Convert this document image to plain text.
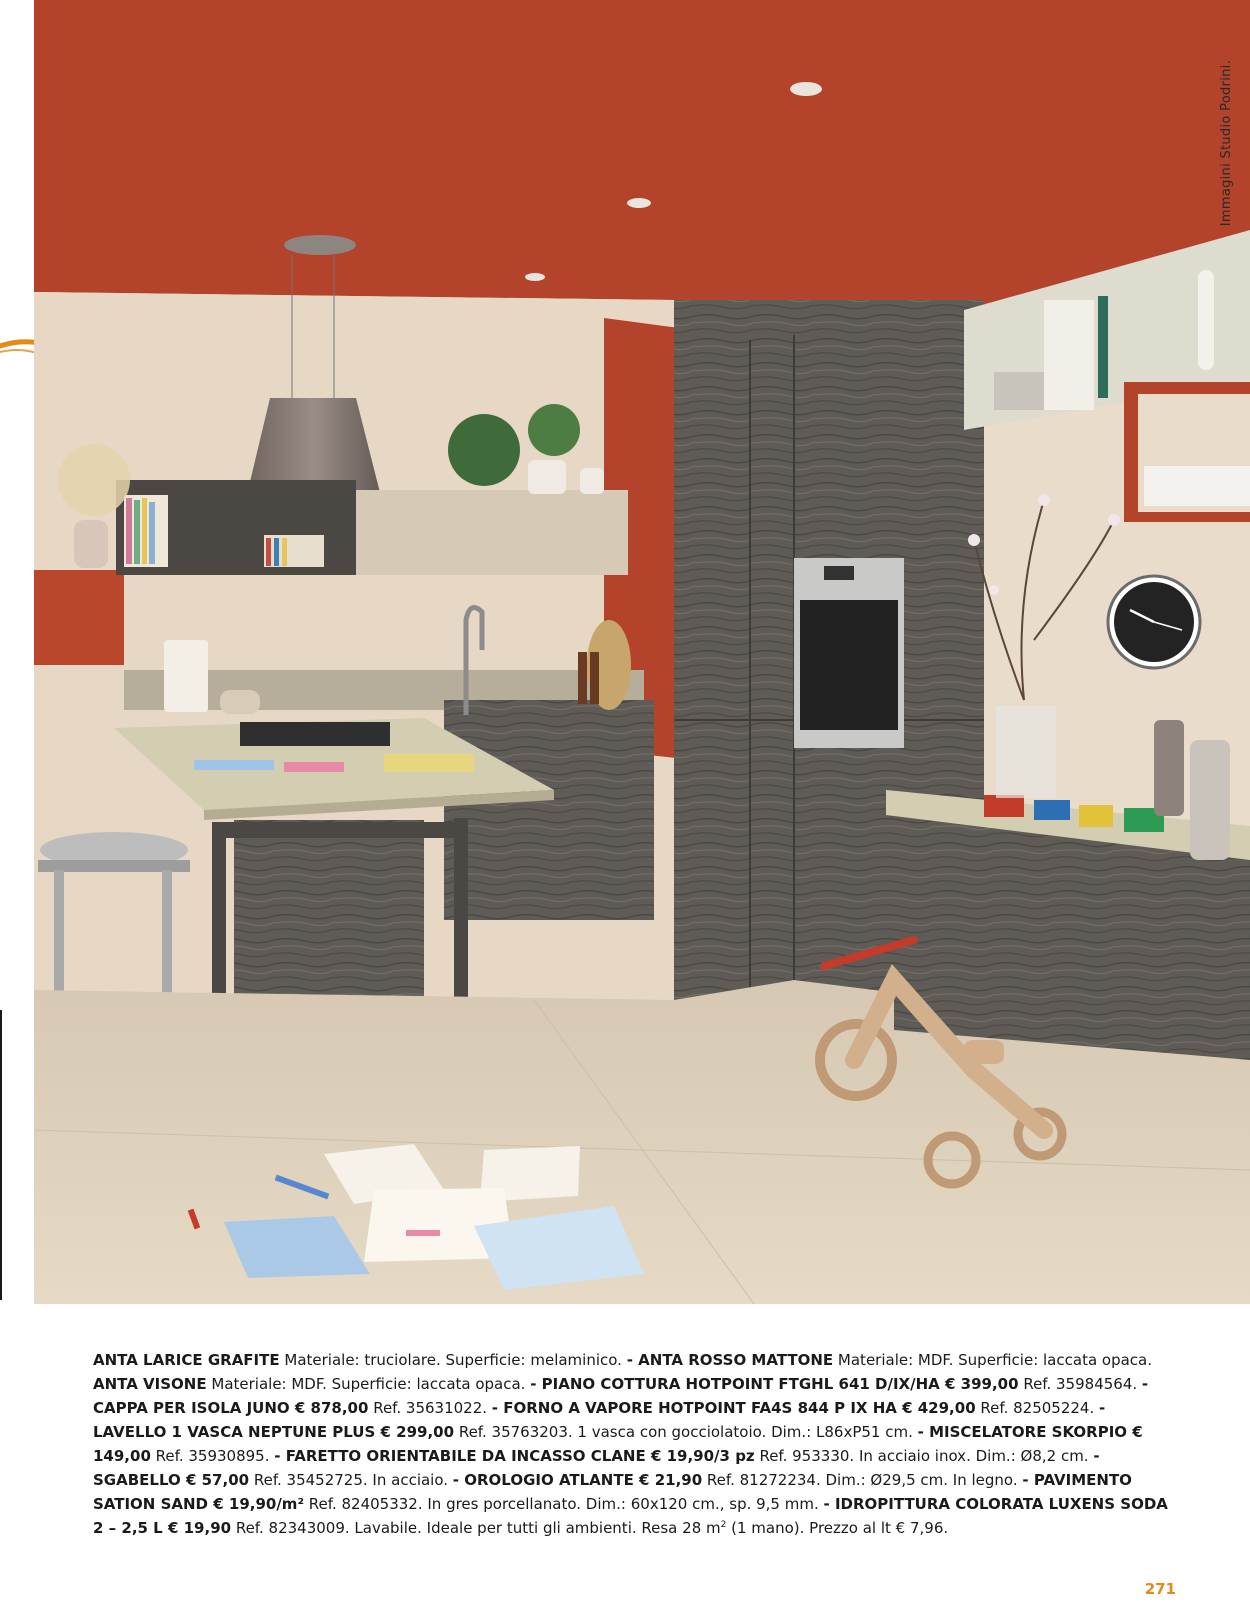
Immagini Studio Podrini.

ANTA LARICE GRAFITE Materiale: truciolare. Superficie: melaminico. - ANTA ROSSO MATTONE Materiale: MDF. Superficie: laccata opaca. ANTA VISONE Materiale: MDF. Superficie: laccata opaca. - PIANO COTTURA HOTPOINT FTGHL 641 D/IX/HA € 399,00 Ref. 35984564. - CAPPA PER ISOLA JUNO € 878,00 Ref. 35631022. - FORNO A VAPORE HOTPOINT FA4S 844 P IX HA € 429,00 Ref. 82505224. - LAVELLO 1 VASCA NEPTUNE PLUS € 299,00 Ref. 35763203. 1 vasca con gocciolatoio. Dim.: L86xP51 cm. - MISCELATORE SKORPIO € 149,00 Ref. 35930895. - FARETTO ORIENTABILE DA INCASSO CLANE € 19,90/3 pz Ref. 953330. In acciaio inox. Dim.: Ø8,2 cm. - SGABELLO € 57,00 Ref. 35452725. In acciaio. - OROLOGIO ATLANTE € 21,90 Ref. 81272234. Dim.: Ø29,5 cm. In legno. - PAVIMENTO SATION SAND € 19,90/m² Ref. 82405332. In gres porcellanato. Dim.: 60x120 cm., sp. 9,5 mm. - IDROPITTURA COLORATA LUXENS SODA 2 – 2,5 L € 19,90 Ref. 82343009. Lavabile. Ideale per tutti gli ambienti. Resa 28 $m^2$ (1 mano). Prezzo al lt € 7,96.

271
